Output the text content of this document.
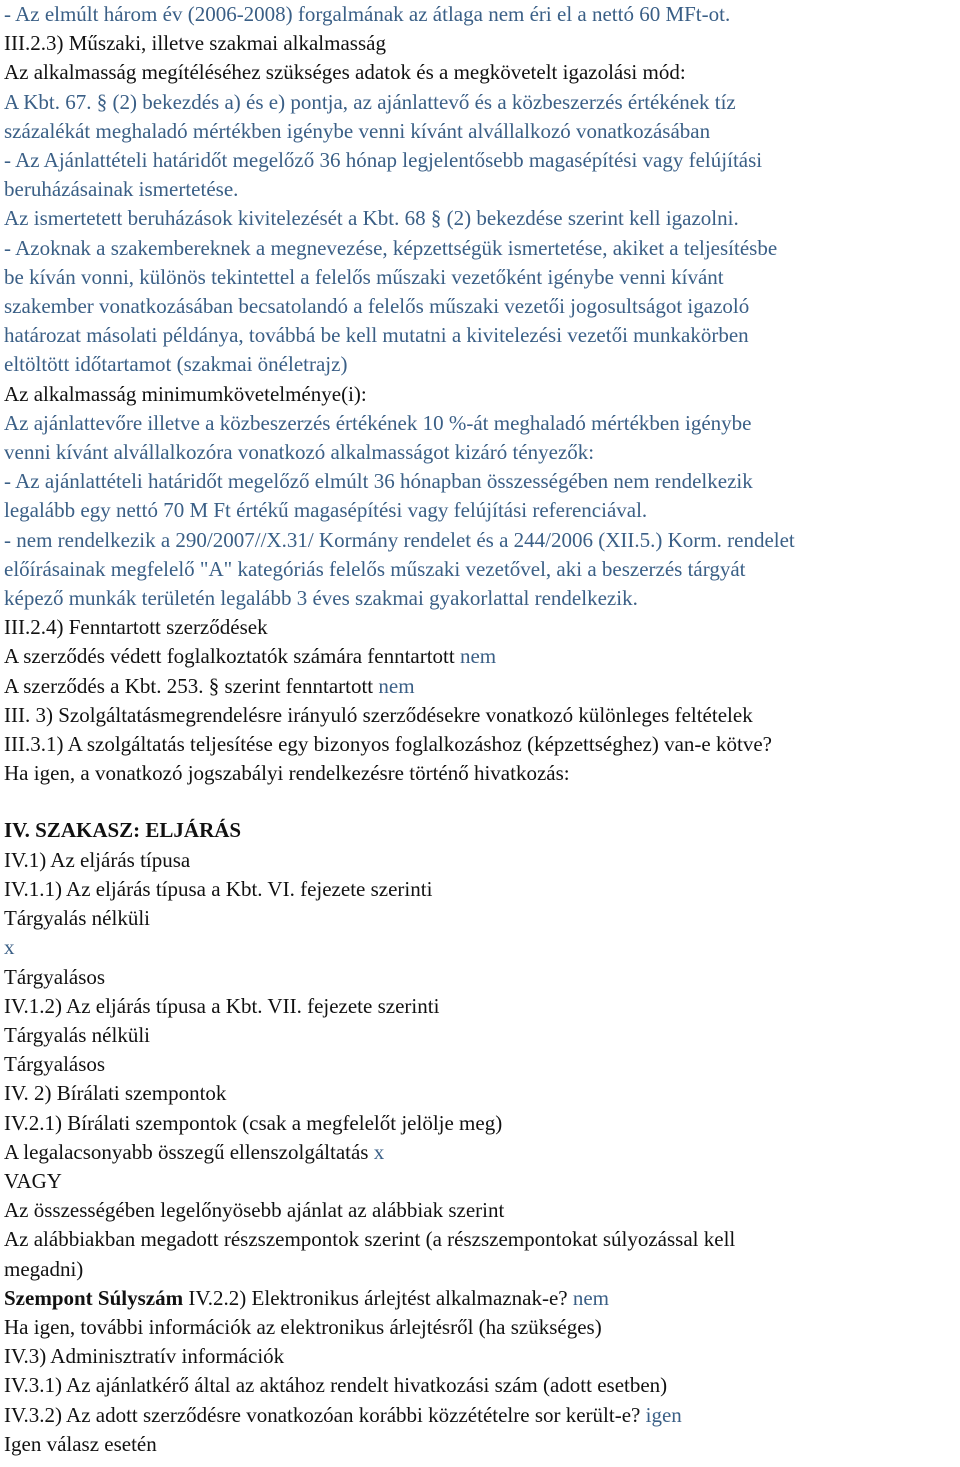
- Az elmúlt három év (2006-2008) forgalmának az átlaga nem éri el a nettó 60 MFt-ot.
III.2.3) Műszaki, illetve szakmai alkalmasság
Az alkalmasság megítéléséhez szükséges adatok és a megkövetelt igazolási mód:
A Kbt. 67. § (2) bekezdés a) és e) pontja, az ajánlattevő és a közbeszerzés értékének tíz
százalékát meghaladó mértékben igénybe venni kívánt alvállalkozó vonatkozásában
- Az Ajánlattételi határidőt megelőző 36 hónap legjelentősebb magasépítési vagy felújítási
beruházásainak ismertetése.
Az ismertetett beruházások kivitelezését a Kbt. 68 § (2) bekezdése szerint kell igazolni.
- Azoknak a szakembereknek a megnevezése, képzettségük ismertetése, akiket a teljesítésbe
be kíván vonni, különös tekintettel a felelős műszaki vezetőként igénybe venni kívánt
szakember vonatkozásában becsatolandó a felelős műszaki vezetői jogosultságot igazoló
határozat másolati példánya, továbbá be kell mutatni a kivitelezési vezetői munkakörben
eltöltött időtartamot (szakmai önéletrajz)
Az alkalmasság minimumkövetelménye(i):
Az ajánlattevőre illetve a közbeszerzés értékének 10 %-át meghaladó mértékben igénybe
venni kívánt alvállalkozóra vonatkozó alkalmasságot kizáró tényezők:
- Az ajánlattételi határidőt megelőző elmúlt 36 hónapban összességében nem rendelkezik
legalább egy nettó 70 M Ft értékű magasépítési vagy felújítási referenciával.
- nem rendelkezik a 290/2007//X.31/ Kormány rendelet és a 244/2006 (XII.5.) Korm. rendelet
előírásainak megfelelő "A" kategóriás felelős műszaki vezetővel, aki a beszerzés tárgyát
képező munkák területén legalább 3 éves szakmai gyakorlattal rendelkezik.
III.2.4) Fenntartott szerződések
A szerződés védett foglalkoztatók számára fenntartott nem
A szerződés a Kbt. 253. § szerint fenntartott nem
III. 3) Szolgáltatásmegrendelésre irányuló szerződésekre vonatkozó különleges feltételek
III.3.1) A szolgáltatás teljesítése egy bizonyos foglalkozáshoz (képzettséghez) van-e kötve?
Ha igen, a vonatkozó jogszabályi rendelkezésre történő hivatkozás:
IV. SZAKASZ: ELJÁRÁS
IV.1) Az eljárás típusa
IV.1.1) Az eljárás típusa a Kbt. VI. fejezete szerinti
Tárgyalás nélküli
x
Tárgyalásos
IV.1.2) Az eljárás típusa a Kbt. VII. fejezete szerinti
Tárgyalás nélküli
Tárgyalásos
IV. 2) Bírálati szempontok
IV.2.1) Bírálati szempontok (csak a megfelelőt jelölje meg)
A legalacsonyabb összegű ellenszolgáltatás x
VAGY
Az összességében legelőnyösebb ajánlat az alábbiak szerint
Az alábbiakban megadott részszempontok szerint (a részszempontokat súlyozással kell
megadni)
Szempont Súlyszám IV.2.2) Elektronikus árlejtést alkalmaznak-e? nem
Ha igen, további információk az elektronikus árlejtésről (ha szükséges)
IV.3) Adminisztratív információk
IV.3.1) Az ajánlatkérő által az aktához rendelt hivatkozási szám (adott esetben)
IV.3.2) Az adott szerződésre vonatkozóan korábbi közzétételre sor került-e? igen
Igen válasz esetén
